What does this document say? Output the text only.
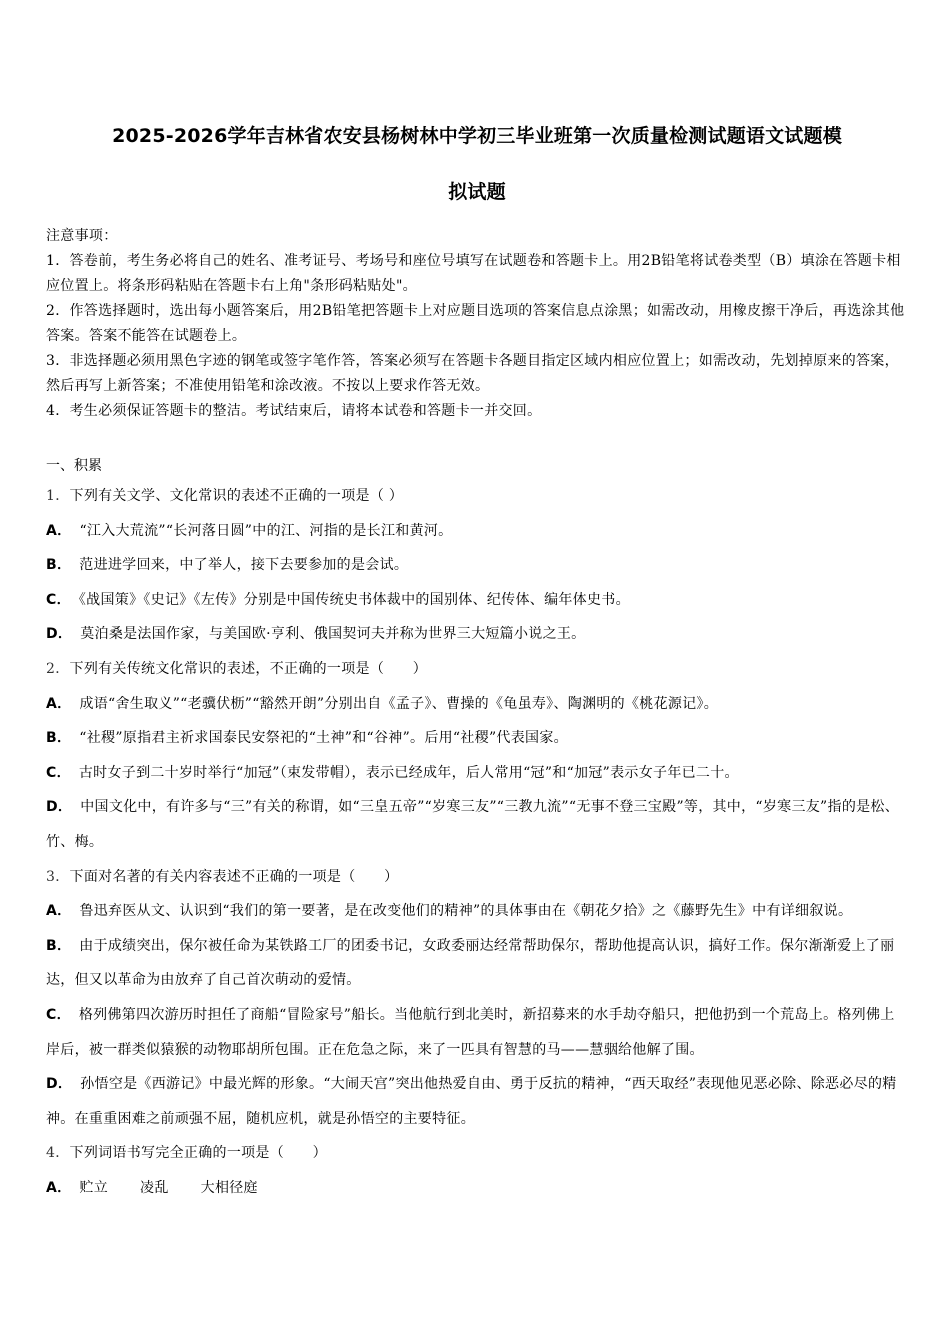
2025-2026学年吉林省农安县杨树林中学初三毕业班第一次质量检测试题语文试题模
拟试题

注意事项：

1．答卷前，考生务必将自己的姓名、准考证号、考场号和座位号填写在试题卷和答题卡上。用2B铅笔将试卷类型（B）填涂在答题卡相应位置上。将条形码粘贴在答题卡右上角"条形码粘贴处"。

2．作答选择题时，选出每小题答案后，用2B铅笔把答题卡上对应题目选项的答案信息点涂黑；如需改动，用橡皮擦干净后，再选涂其他答案。答案不能答在试题卷上。

3．非选择题必须用黑色字迹的钢笔或签字笔作答，答案必须写在答题卡各题目指定区域内相应位置上；如需改动，先划掉原来的答案，然后再写上新答案；不准使用铅笔和涂改液。不按以上要求作答无效。

4．考生必须保证答题卡的整洁。考试结束后，请将本试卷和答题卡一并交回。

一、积累

1．下列有关文学、文化常识的表述不正确的一项是（ ）

A． “江入大荒流”“长河落日圆”中的江、河指的是长江和黄河。

B． 范进进学回来，中了举人，接下去要参加的是会试。

C． 《战国策》《史记》《左传》分别是中国传统史书体裁中的国别体、纪传体、编年体史书。

D． 莫泊桑是法国作家，与美国欧·亨利、俄国契诃夫并称为世界三大短篇小说之王。

2．下列有关传统文化常识的表述，不正确的一项是（　　）

A． 成语“舍生取义”“老骥伏枥”“豁然开朗”分别出自《孟子》、曹操的《龟虽寿》、陶渊明的《桃花源记》。

B． “社稷”原指君主祈求国泰民安祭祀的“土神”和“谷神”。后用“社稷”代表国家。

C． 古时女子到二十岁时举行“加冠”（束发带帽），表示已经成年，后人常用“冠”和“加冠”表示女子年已二十。

D． 中国文化中，有许多与“三”有关的称谓，如“三皇五帝”“岁寒三友”“三教九流”“无事不登三宝殿”等，其中，“岁寒三友”指的是松、竹、梅。

3．下面对名著的有关内容表述不正确的一项是（　　）

A． 鲁迅弃医从文、认识到“我们的第一要著，是在改变他们的精神”的具体事由在《朝花夕拾》之《藤野先生》中有详细叙说。

B． 由于成绩突出，保尔被任命为某铁路工厂的团委书记，女政委丽达经常帮助保尔，帮助他提高认识，搞好工作。保尔渐渐爱上了丽达，但又以革命为由放弃了自己首次萌动的爱情。

C． 格列佛第四次游历时担任了商船“冒险家号”船长。当他航行到北美时，新招募来的水手劫夺船只，把他扔到一个荒岛上。格列佛上岸后，被一群类似猿猴的动物耶胡所包围。正在危急之际，来了一匹具有智慧的马——慧骃给他解了围。

D． 孙悟空是《西游记》中最光辉的形象。“大闹天宫”突出他热爱自由、勇于反抗的精神，“西天取经”表现他见恶必除、除恶必尽的精神。在重重困难之前顽强不屈，随机应机，就是孙悟空的主要特征。

4．下列词语书写完全正确的一项是（　　）

A． 贮立 凌乱 大相径庭
